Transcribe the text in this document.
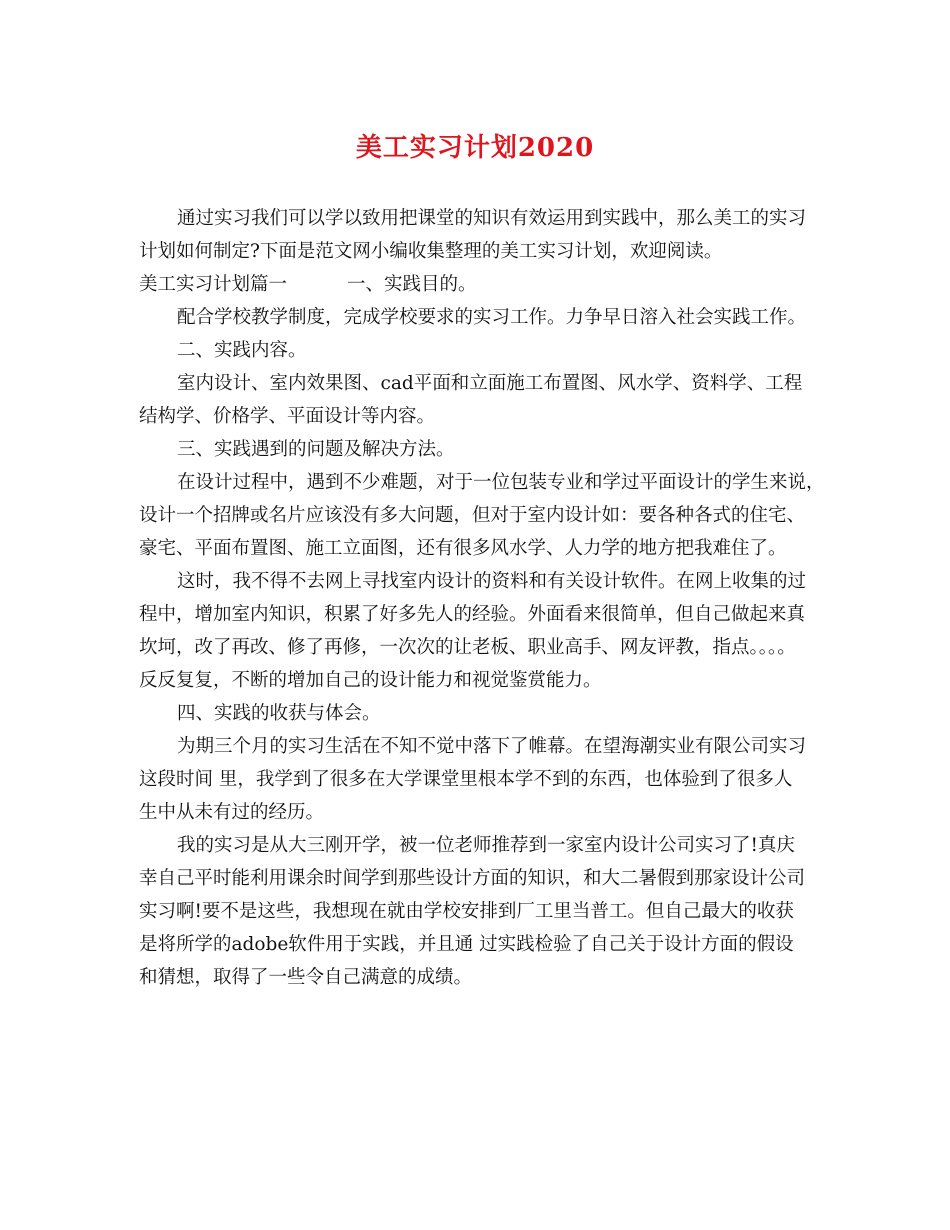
美工实习计划2020
通过实习我们可以学以致用把课堂的知识有效运用到实践中，那么美工的实习
计划如何制定?下面是范文网小编收集整理的美工实习计划，欢迎阅读。
美工实习计划篇一	一、实践目的。
配合学校教学制度，完成学校要求的实习工作。力争早日溶入社会实践工作。
二、实践内容。
室内设计、室内效果图、cad平面和立面施工布置图、风水学、资料学、工程
结构学、价格学、平面设计等内容。
三、实践遇到的问题及解决方法。
在设计过程中，遇到不少难题，对于一位包装专业和学过平面设计的学生来说，
设计一个招牌或名片应该没有多大问题，但对于室内设计如：要各种各式的住宅、
豪宅、平面布置图、施工立面图，还有很多风水学、人力学的地方把我难住了。
这时，我不得不去网上寻找室内设计的资料和有关设计软件。在网上收集的过
程中，增加室内知识，积累了好多先人的经验。外面看来很简单，但自己做起来真
坎坷，改了再改、修了再修，一次次的让老板、职业高手、网友评教，指点。。。。
反反复复，不断的增加自己的设计能力和视觉鉴赏能力。
四、实践的收获与体会。
为期三个月的实习生活在不知不觉中落下了帷幕。在望海潮实业有限公司实习
这段时间 里，我学到了很多在大学课堂里根本学不到的东西，也体验到了很多人
生中从未有过的经历。
我的实习是从大三刚开学，被一位老师推荐到一家室内设计公司实习了!真庆
幸自己平时能利用课余时间学到那些设计方面的知识，和大二暑假到那家设计公司
实习啊!要不是这些，我想现在就由学校安排到厂工里当普工。但自己最大的收获
是将所学的adobe软件用于实践，并且通 过实践检验了自己关于设计方面的假设
和猜想，取得了一些令自己满意的成绩。
